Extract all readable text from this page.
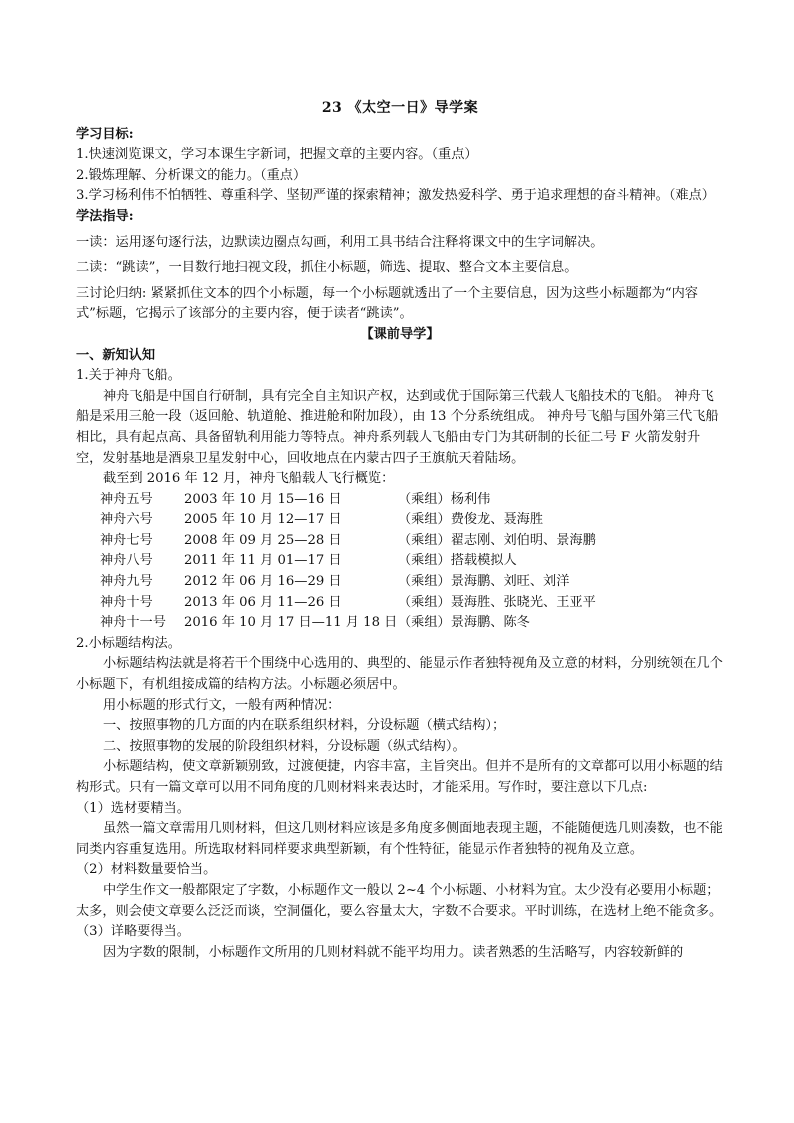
23 《太空一日》导学案

学习目标:

1.快速浏览课文，学习本课生字新词，把握文章的主要内容。（重点）

2.锻炼理解、分析课文的能力。（重点）

3.学习杨利伟不怕牺牲、尊重科学、坚韧严谨的探索精神；激发热爱科学、勇于追求理想的奋斗精神。（难点）

学法指导:

一读：运用逐句逐行法，边默读边圈点勾画，利用工具书结合注释将课文中的生字词解决。

二读：“跳读”，一目数行地扫视文段，抓住小标题，筛选、提取、整合文本主要信息。

三讨论归纳: 紧紧抓住文本的四个小标题，每一个小标题就透出了一个主要信息，因为这些小标题都为“内容式”标题，它揭示了该部分的主要内容，便于读者“跳读”。

【课前导学】

一、新知认知

1.关于神舟飞船。

神舟飞船是中国自行研制，具有完全自主知识产权，达到或优于国际第三代载人飞船技术的飞船。 神舟飞船是采用三舱一段（返回舱、轨道舱、推进舱和附加段），由 13 个分系统组成。 神舟号飞船与国外第三代飞船相比，具有起点高、具备留轨利用能力等特点。神舟系列载人飞船由专门为其研制的长征二号 F 火箭发射升空，发射基地是酒泉卫星发射中心，回收地点在内蒙古四子王旗航天着陆场。

截至到 2016 年 12 月，神舟飞船载人飞行概览：

神舟五号	2003 年 10 月 15—16 日	（乘组）杨利伟
神舟六号	2005 年 10 月 12—17 日	（乘组）费俊龙、聂海胜
神舟七号	2008 年 09 月 25—28 日	（乘组）翟志刚、刘伯明、景海鹏
神舟八号	2011 年 11 月 01—17 日	（乘组）搭载模拟人
神舟九号	2012 年 06 月 16—29 日	（乘组）景海鹏、刘旺、刘洋
神舟十号	2013 年 06 月 11—26 日	（乘组）聂海胜、张晓光、王亚平
神舟十一号	2016 年 10 月 17 日—11 月 18 日	（乘组）景海鹏、陈冬

2.小标题结构法。

小标题结构法就是将若干个围绕中心选用的、典型的、能显示作者独特视角及立意的材料，分别统领在几个小标题下，有机组接成篇的结构方法。小标题必须居中。

用小标题的形式行文，一般有两种情况：

一、按照事物的几方面的内在联系组织材料，分设标题（横式结构）；

二、按照事物的发展的阶段组织材料，分设标题（纵式结构）。

小标题结构，使文章新颖别致，过渡便捷，内容丰富，主旨突出。但并不是所有的文章都可以用小标题的结构形式。只有一篇文章可以用不同角度的几则材料来表达时，才能采用。写作时，要注意以下几点:

（1）选材要精当。

虽然一篇文章需用几则材料，但这几则材料应该是多角度多侧面地表现主题，不能随便选几则凑数，也不能同类内容重复选用。所选取材料同样要求典型新颖，有个性特征，能显示作者独特的视角及立意。

（2）材料数量要恰当。

中学生作文一般都限定了字数，小标题作文一般以 2~4 个小标题、小材料为宜。太少没有必要用小标题；太多，则会使文章要么泛泛而谈，空洞僵化，要么容量太大，字数不合要求。平时训练，在选材上绝不能贪多。

（3）详略要得当。

因为字数的限制，小标题作文所用的几则材料就不能平均用力。读者熟悉的生活略写，内容较新鲜的
